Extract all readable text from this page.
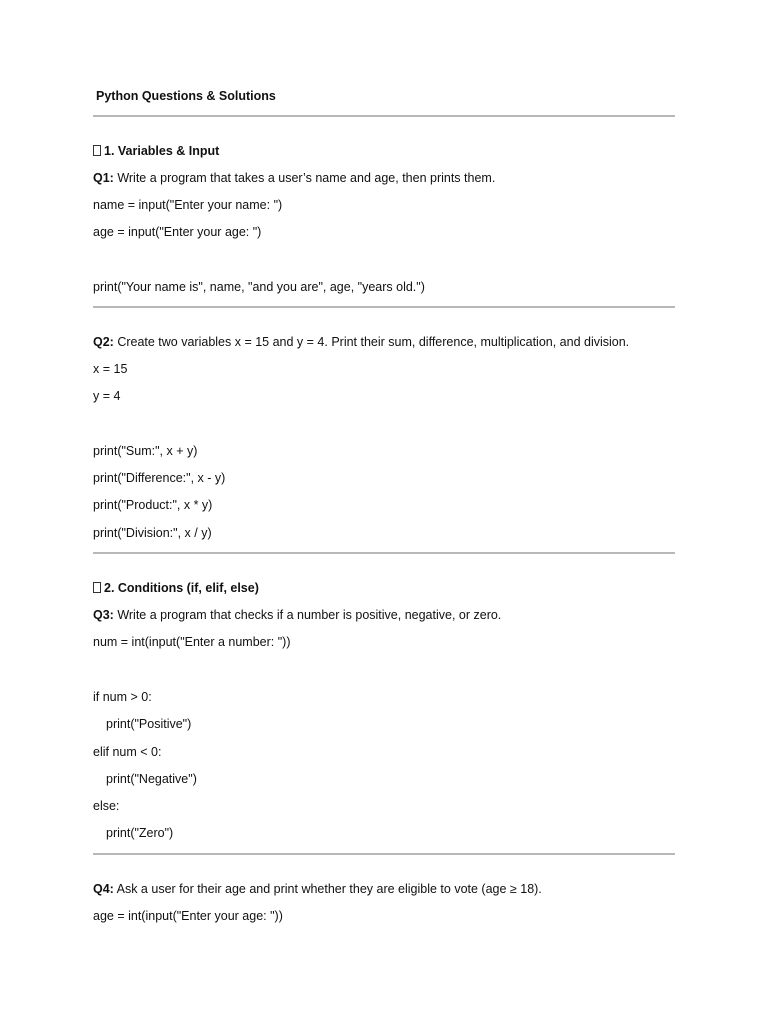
Python Questions & Solutions
1. Variables & Input
Q1: Write a program that takes a user’s name and age, then prints them.
name = input("Enter your name: ")
age = input("Enter your age: ")
print("Your name is", name, "and you are", age, "years old.")
Q2: Create two variables x = 15 and y = 4. Print their sum, difference, multiplication, and division.
x = 15
y = 4
print("Sum:", x + y)
print("Difference:", x - y)
print("Product:", x * y)
print("Division:", x / y)
2. Conditions (if, elif, else)
Q3: Write a program that checks if a number is positive, negative, or zero.
num = int(input("Enter a number: "))
if num > 0:
print("Positive")
elif num < 0:
print("Negative")
else:
print("Zero")
Q4: Ask a user for their age and print whether they are eligible to vote (age ≥ 18).
age = int(input("Enter your age: "))
